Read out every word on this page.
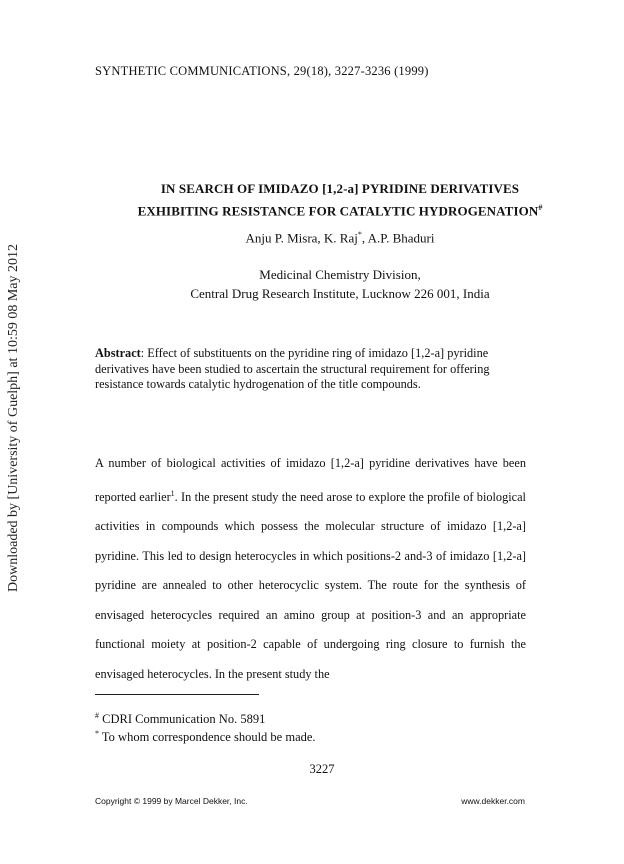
Downloaded by [University of Guelph] at 10:59 08 May 2012
SYNTHETIC COMMUNICATIONS, 29(18), 3227-3236 (1999)
IN SEARCH OF IMIDAZO [1,2-a] PYRIDINE DERIVATIVES
EXHIBITING RESISTANCE FOR CATALYTIC HYDROGENATION#
Anju P. Misra, K. Raj*, A.P. Bhaduri
Medicinal Chemistry Division,
Central Drug Research Institute, Lucknow 226 001, India
Abstract: Effect of substituents on the pyridine ring of imidazo [1,2-a] pyridine derivatives have been studied to ascertain the structural requirement for offering resistance towards catalytic hydrogenation of the title compounds.
A number of biological activities of imidazo [1,2-a] pyridine derivatives have been reported earlier$^1$. In the present study the need arose to explore the profile of biological activities in compounds which possess the molecular structure of imidazo [1,2-a] pyridine. This led to design heterocycles in which positions-2 and-3 of imidazo [1,2-a] pyridine are annealed to other heterocyclic system. The route for the synthesis of envisaged heterocycles required an amino group at position-3 and an appropriate functional moiety at position-2 capable of undergoing ring closure to furnish the envisaged heterocycles. In the present study the
# CDRI Communication No. 5891
* To whom correspondence should be made.
3227
Copyright © 1999 by Marcel Dekker, Inc.	www.dekker.com
